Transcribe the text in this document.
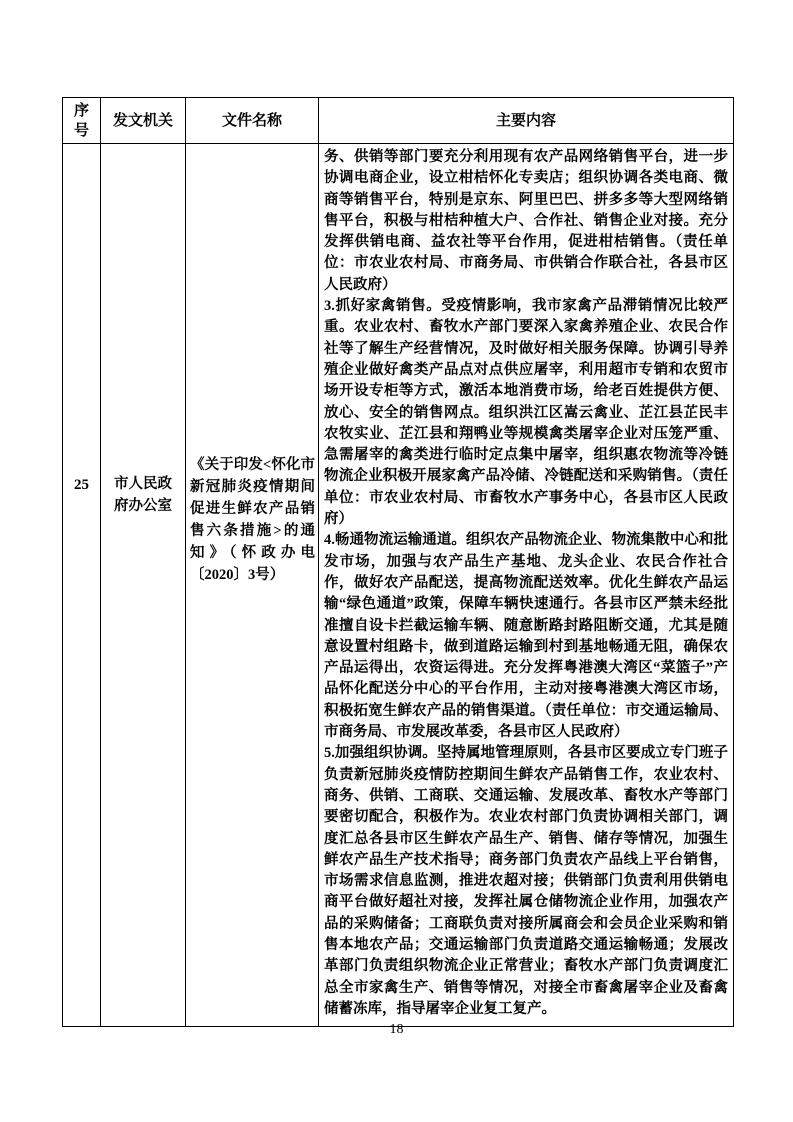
序号	发文机关	文件名称	主要内容
25	市人民政府办公室	《关于印发<怀化市新冠肺炎疫情期间促进生鲜农产品销售六条措施>的通知》（怀政办电〔2020〕3号）	务、供销等部门要充分利用现有农产品网络销售平台，进一步协调电商企业，设立柑桔怀化专卖店；组织协调各类电商、微商等销售平台，特别是京东、阿里巴巴、拼多多等大型网络销售平台，积极与柑桔种植大户、合作社、销售企业对接。充分发挥供销电商、益农社等平台作用，促进柑桔销售。（责任单位：市农业农村局、市商务局、市供销合作联合社，各县市区人民政府）

3.抓好家禽销售。受疫情影响，我市家禽产品滞销情况比较严重。农业农村、畜牧水产部门要深入家禽养殖企业、农民合作社等了解生产经营情况，及时做好相关服务保障。协调引导养殖企业做好禽类产品点对点供应屠宰，利用超市专销和农贸市场开设专柜等方式，激活本地消费市场，给老百姓提供方便、放心、安全的销售网点。组织洪江区嵩云禽业、芷江县芷民丰农牧实业、芷江县和翔鸭业等规模禽类屠宰企业对压笼严重、急需屠宰的禽类进行临时定点集中屠宰，组织惠农物流等冷链物流企业积极开展家禽产品冷储、冷链配送和采购销售。（责任单位：市农业农村局、市畜牧水产事务中心，各县市区人民政府）

4.畅通物流运输通道。组织农产品物流企业、物流集散中心和批发市场，加强与农产品生产基地、龙头企业、农民合作社合作，做好农产品配送，提高物流配送效率。优化生鲜农产品运输“绿色通道”政策，保障车辆快速通行。各县市区严禁未经批准擅自设卡拦截运输车辆、随意断路封路阻断交通，尤其是随意设置村组路卡，做到道路运输到村到基地畅通无阻，确保农产品运得出，农资运得进。充分发挥粤港澳大湾区“菜篮子”产品怀化配送分中心的平台作用，主动对接粤港澳大湾区市场，积极拓宽生鲜农产品的销售渠道。（责任单位：市交通运输局、市商务局、市发展改革委，各县市区人民政府）

5.加强组织协调。坚持属地管理原则，各县市区要成立专门班子负责新冠肺炎疫情防控期间生鲜农产品销售工作，农业农村、商务、供销、工商联、交通运输、发展改革、畜牧水产等部门要密切配合，积极作为。农业农村部门负责协调相关部门，调度汇总各县市区生鲜农产品生产、销售、储存等情况，加强生鲜农产品生产技术指导；商务部门负责农产品线上平台销售，市场需求信息监测，推进农超对接；供销部门负责利用供销电商平台做好超社对接，发挥社属仓储物流企业作用，加强农产品的采购储备；工商联负责对接所属商会和会员企业采购和销售本地农产品；交通运输部门负责道路交通运输畅通；发展改革部门负责组织物流企业正常营业；畜牧水产部门负责调度汇总全市家禽生产、销售等情况，对接全市畜禽屠宰企业及畜禽储蓄冻库，指导屠宰企业复工复产。

18
